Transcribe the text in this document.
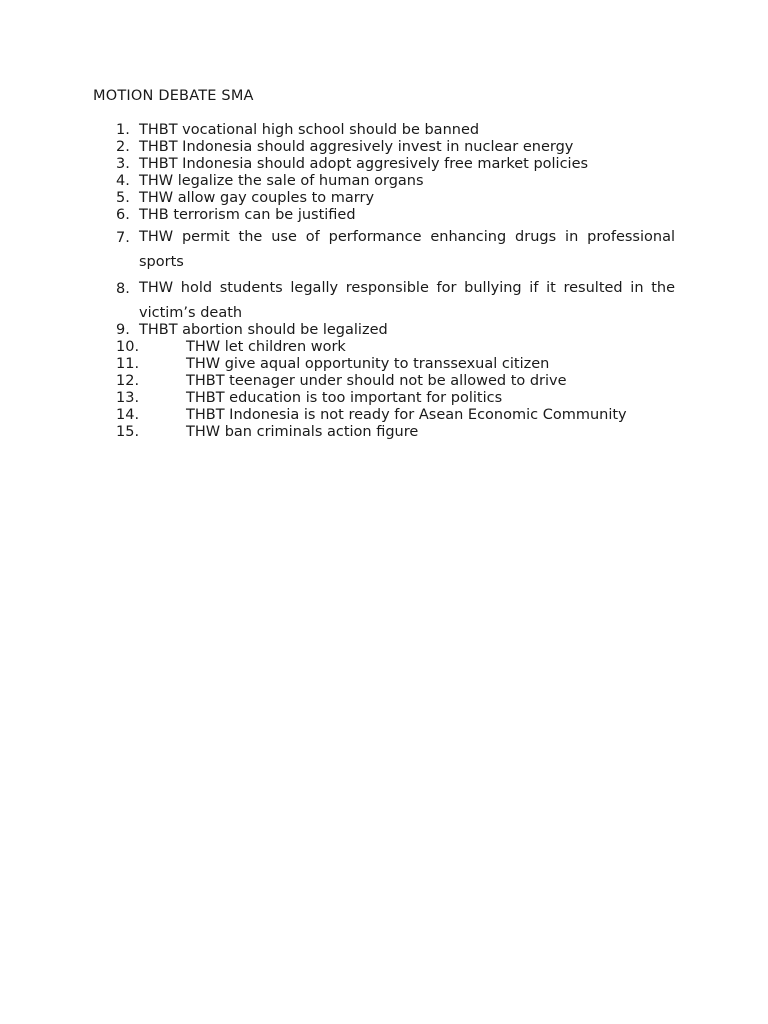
MOTION DEBATE SMA
1. THBT vocational high school should be banned
2. THBT Indonesia should aggresively invest in nuclear energy
3. THBT Indonesia should adopt aggresively free market policies
4. THW legalize the sale of human organs
5. THW allow gay couples to marry
6. THB terrorism can be justified
7. THW permit the use of performance enhancing drugs in professional sports
8. THW hold students legally responsible for bullying if it resulted in the victim’s death
9. THBT abortion should be legalized
10.	THW let children work
11.	THW give aqual opportunity to transsexual citizen
12.	THBT teenager under should not be allowed to drive
13.	THBT education is too important for politics
14.	THBT Indonesia is not ready for Asean Economic Community
15.	THW ban criminals action figure
